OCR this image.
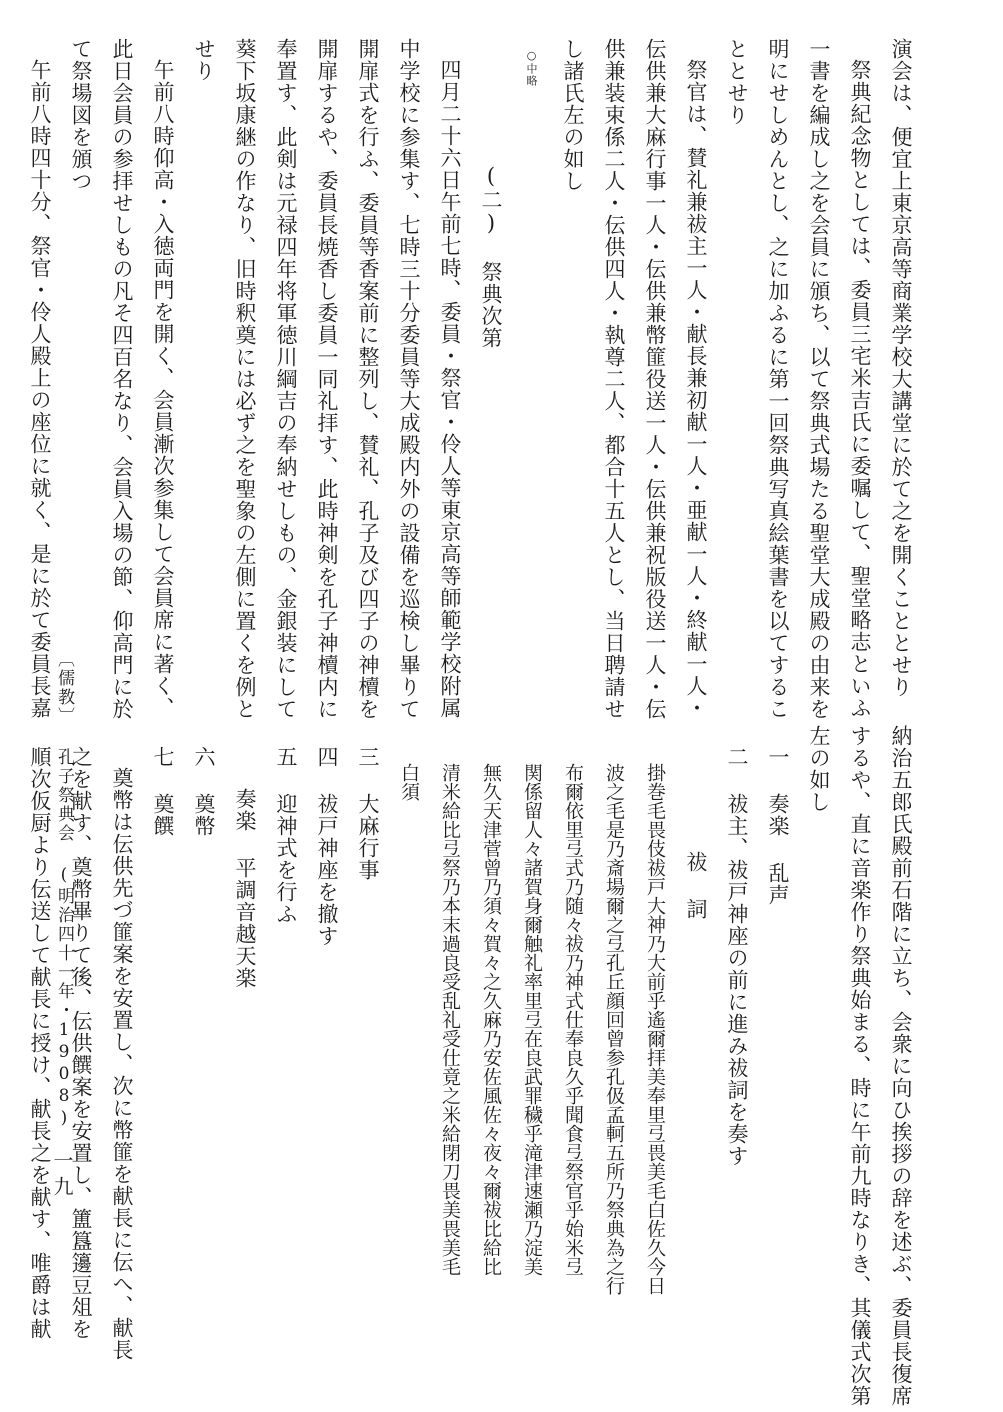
演会は、便宜上東京高等商業学校大講堂に於て之を開くこととせり
祭典紀念物としては、委員三宅米吉氏に委嘱して、聖堂略志といふ
一書を編成し之を会員に頒ち、以て祭典式場たる聖堂大成殿の由来を
明にせしめんとし、之に加ふるに第一回祭典写真絵葉書を以てするこ
ととせり
祭官は、賛礼兼祓主一人・献長兼初献一人・亜献一人・終献一人・
伝供兼大麻行事一人・伝供兼幣篚役送一人・伝供兼祝版役送一人・伝
供兼装束係二人・伝供四人・執尊二人、都合十五人とし、当日聘請せ
し諸氏左の如し
○中略
(二) 祭典次第
四月二十六日午前七時、委員・祭官・伶人等東京高等師範学校附属
中学校に参集す、七時三十分委員等大成殿内外の設備を巡検し畢りて
開扉式を行ふ、委員等香案前に整列し、賛礼、孔子及び四子の神櫝を
開扉するや、委員長焼香し委員一同礼拝す、此時神剣を孔子神櫝内に
奉置す、此剣は元禄四年将軍徳川綱吉の奉納せしもの、金銀装にして
葵下坂康継の作なり、旧時釈奠には必ず之を聖象の左側に置くを例と
せり
午前八時仰高・入徳両門を開く、会員漸次参集して会員席に著く、
此日会員の参拝せしもの凡そ四百名なり、会員入場の節、仰高門に於
て祭場図を頒つ
午前八時四十分、祭官・伶人殿上の座位に就く、是に於て委員長嘉
納治五郎氏殿前石階に立ち、会衆に向ひ挨拶の辞を述ぶ、委員長復席
するや、直に音楽作り祭典始まる、時に午前九時なりき、其儀式次第
左の如し
一 奏楽 乱声
二 祓主、祓戸神座の前に進み祓詞を奏す
祓 詞
掛巻毛畏伎祓戸大神乃大前乎遙爾拝美奉里弖畏美毛白佐久今日
波之毛是乃斎場爾之弖孔丘顔回曾参孔伋孟軻五所乃祭典為之行
布爾依里弖式乃随々祓乃神式仕奉良久乎聞食弖祭官乎始米弖
関係留人々諸賀身爾触礼率里弖在良武罪穢乎滝津速瀬乃淀美
無久天津菅曾乃須々賀々之久麻乃安佐風佐々夜々爾祓比給比
清米給比弖祭乃本末過良受乱礼受仕竟之米給閉刀畏美畏美毛
白須
三 大麻行事
四 祓戸神座を撤す
五 迎神式を行ふ
奏楽 平調音越天楽
六 奠幣
七 奠饌
奠幣は伝供先づ篚案を安置し、次に幣篚を献長に伝へ、献長
之を献す、奠幣畢りて後、伝供饌案を安置し、簠簋籩豆俎を
順次仮厨より伝送して献長に授け、献長之を献す、唯爵は献 〔儒教〕 孔子祭典会 (明治四十一年・1908)
一九
